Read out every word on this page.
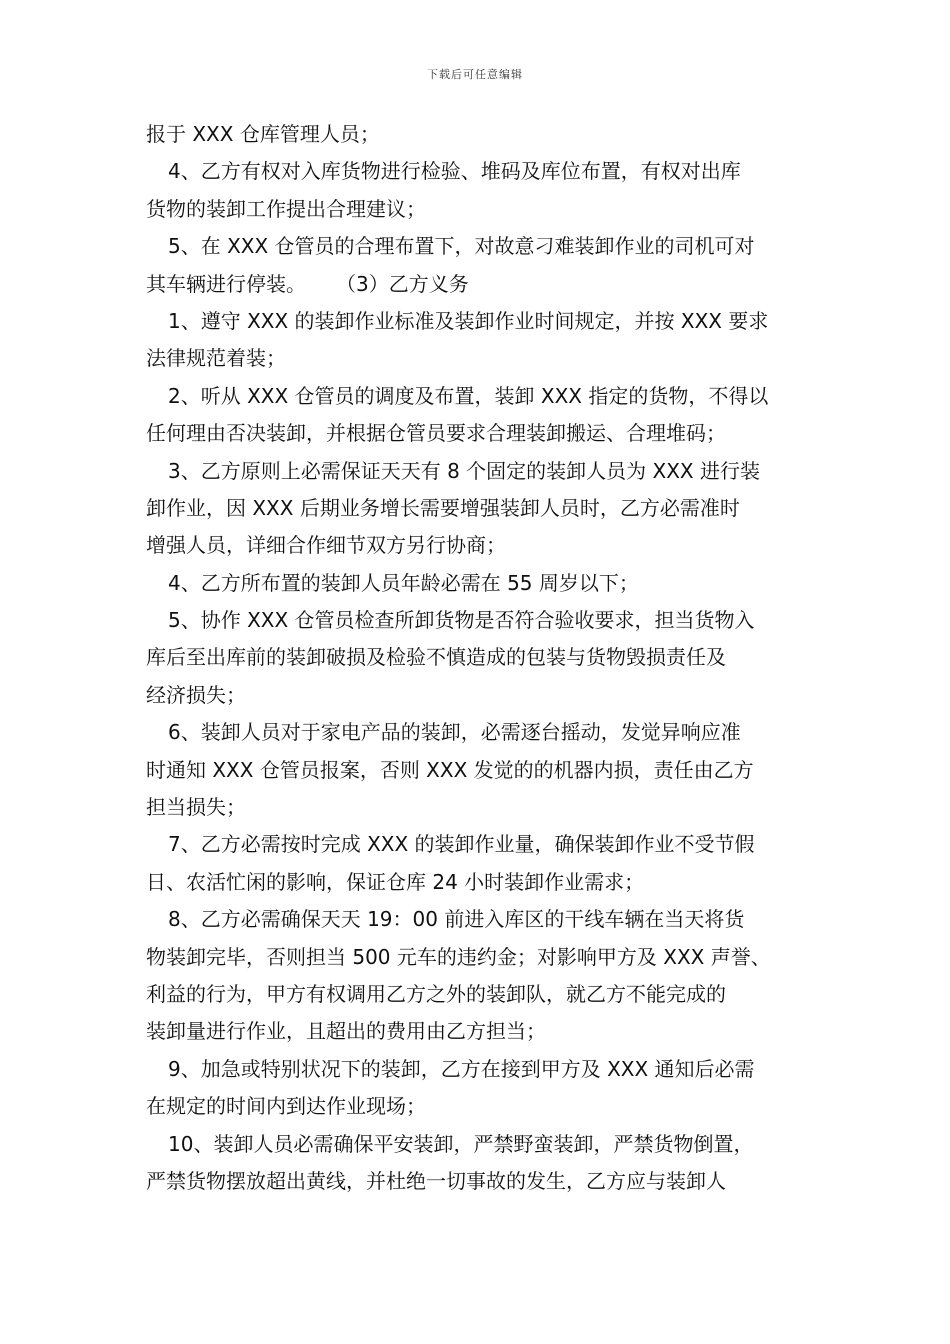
下载后可任意编辑
报于 XXX 仓库管理人员；
4、乙方有权对入库货物进行检验、堆码及库位布置，有权对出库
货物的装卸工作提出合理建议；
5、在 XXX 仓管员的合理布置下，对故意刁难装卸作业的司机可对
其车辆进行停装。 （3）乙方义务
1、遵守 XXX 的装卸作业标准及装卸作业时间规定，并按 XXX 要求
法律规范着装；
2、听从 XXX 仓管员的调度及布置，装卸 XXX 指定的货物，不得以
任何理由否决装卸，并根据仓管员要求合理装卸搬运、合理堆码；
3、乙方原则上必需保证天天有 8 个固定的装卸人员为 XXX 进行装
卸作业，因 XXX 后期业务增长需要增强装卸人员时，乙方必需准时
增强人员，详细合作细节双方另行协商；
4、乙方所布置的装卸人员年龄必需在 55 周岁以下；
5、协作 XXX 仓管员检查所卸货物是否符合验收要求，担当货物入
库后至出库前的装卸破损及检验不慎造成的包装与货物毁损责任及
经济损失；
6、装卸人员对于家电产品的装卸，必需逐台摇动，发觉异响应准
时通知 XXX 仓管员报案，否则 XXX 发觉的的机器内损，责任由乙方
担当损失；
7、乙方必需按时完成 XXX 的装卸作业量，确保装卸作业不受节假
日、农活忙闲的影响，保证仓库 24 小时装卸作业需求；
8、乙方必需确保天天 19：00 前进入库区的干线车辆在当天将货
物装卸完毕，否则担当 500 元车的违约金；对影响甲方及 XXX 声誉、
利益的行为，甲方有权调用乙方之外的装卸队，就乙方不能完成的
装卸量进行作业，且超出的费用由乙方担当；
9、加急或特别状况下的装卸，乙方在接到甲方及 XXX 通知后必需
在规定的时间内到达作业现场；
10、装卸人员必需确保平安装卸，严禁野蛮装卸，严禁货物倒置，
严禁货物摆放超出黄线，并杜绝一切事故的发生，乙方应与装卸人
